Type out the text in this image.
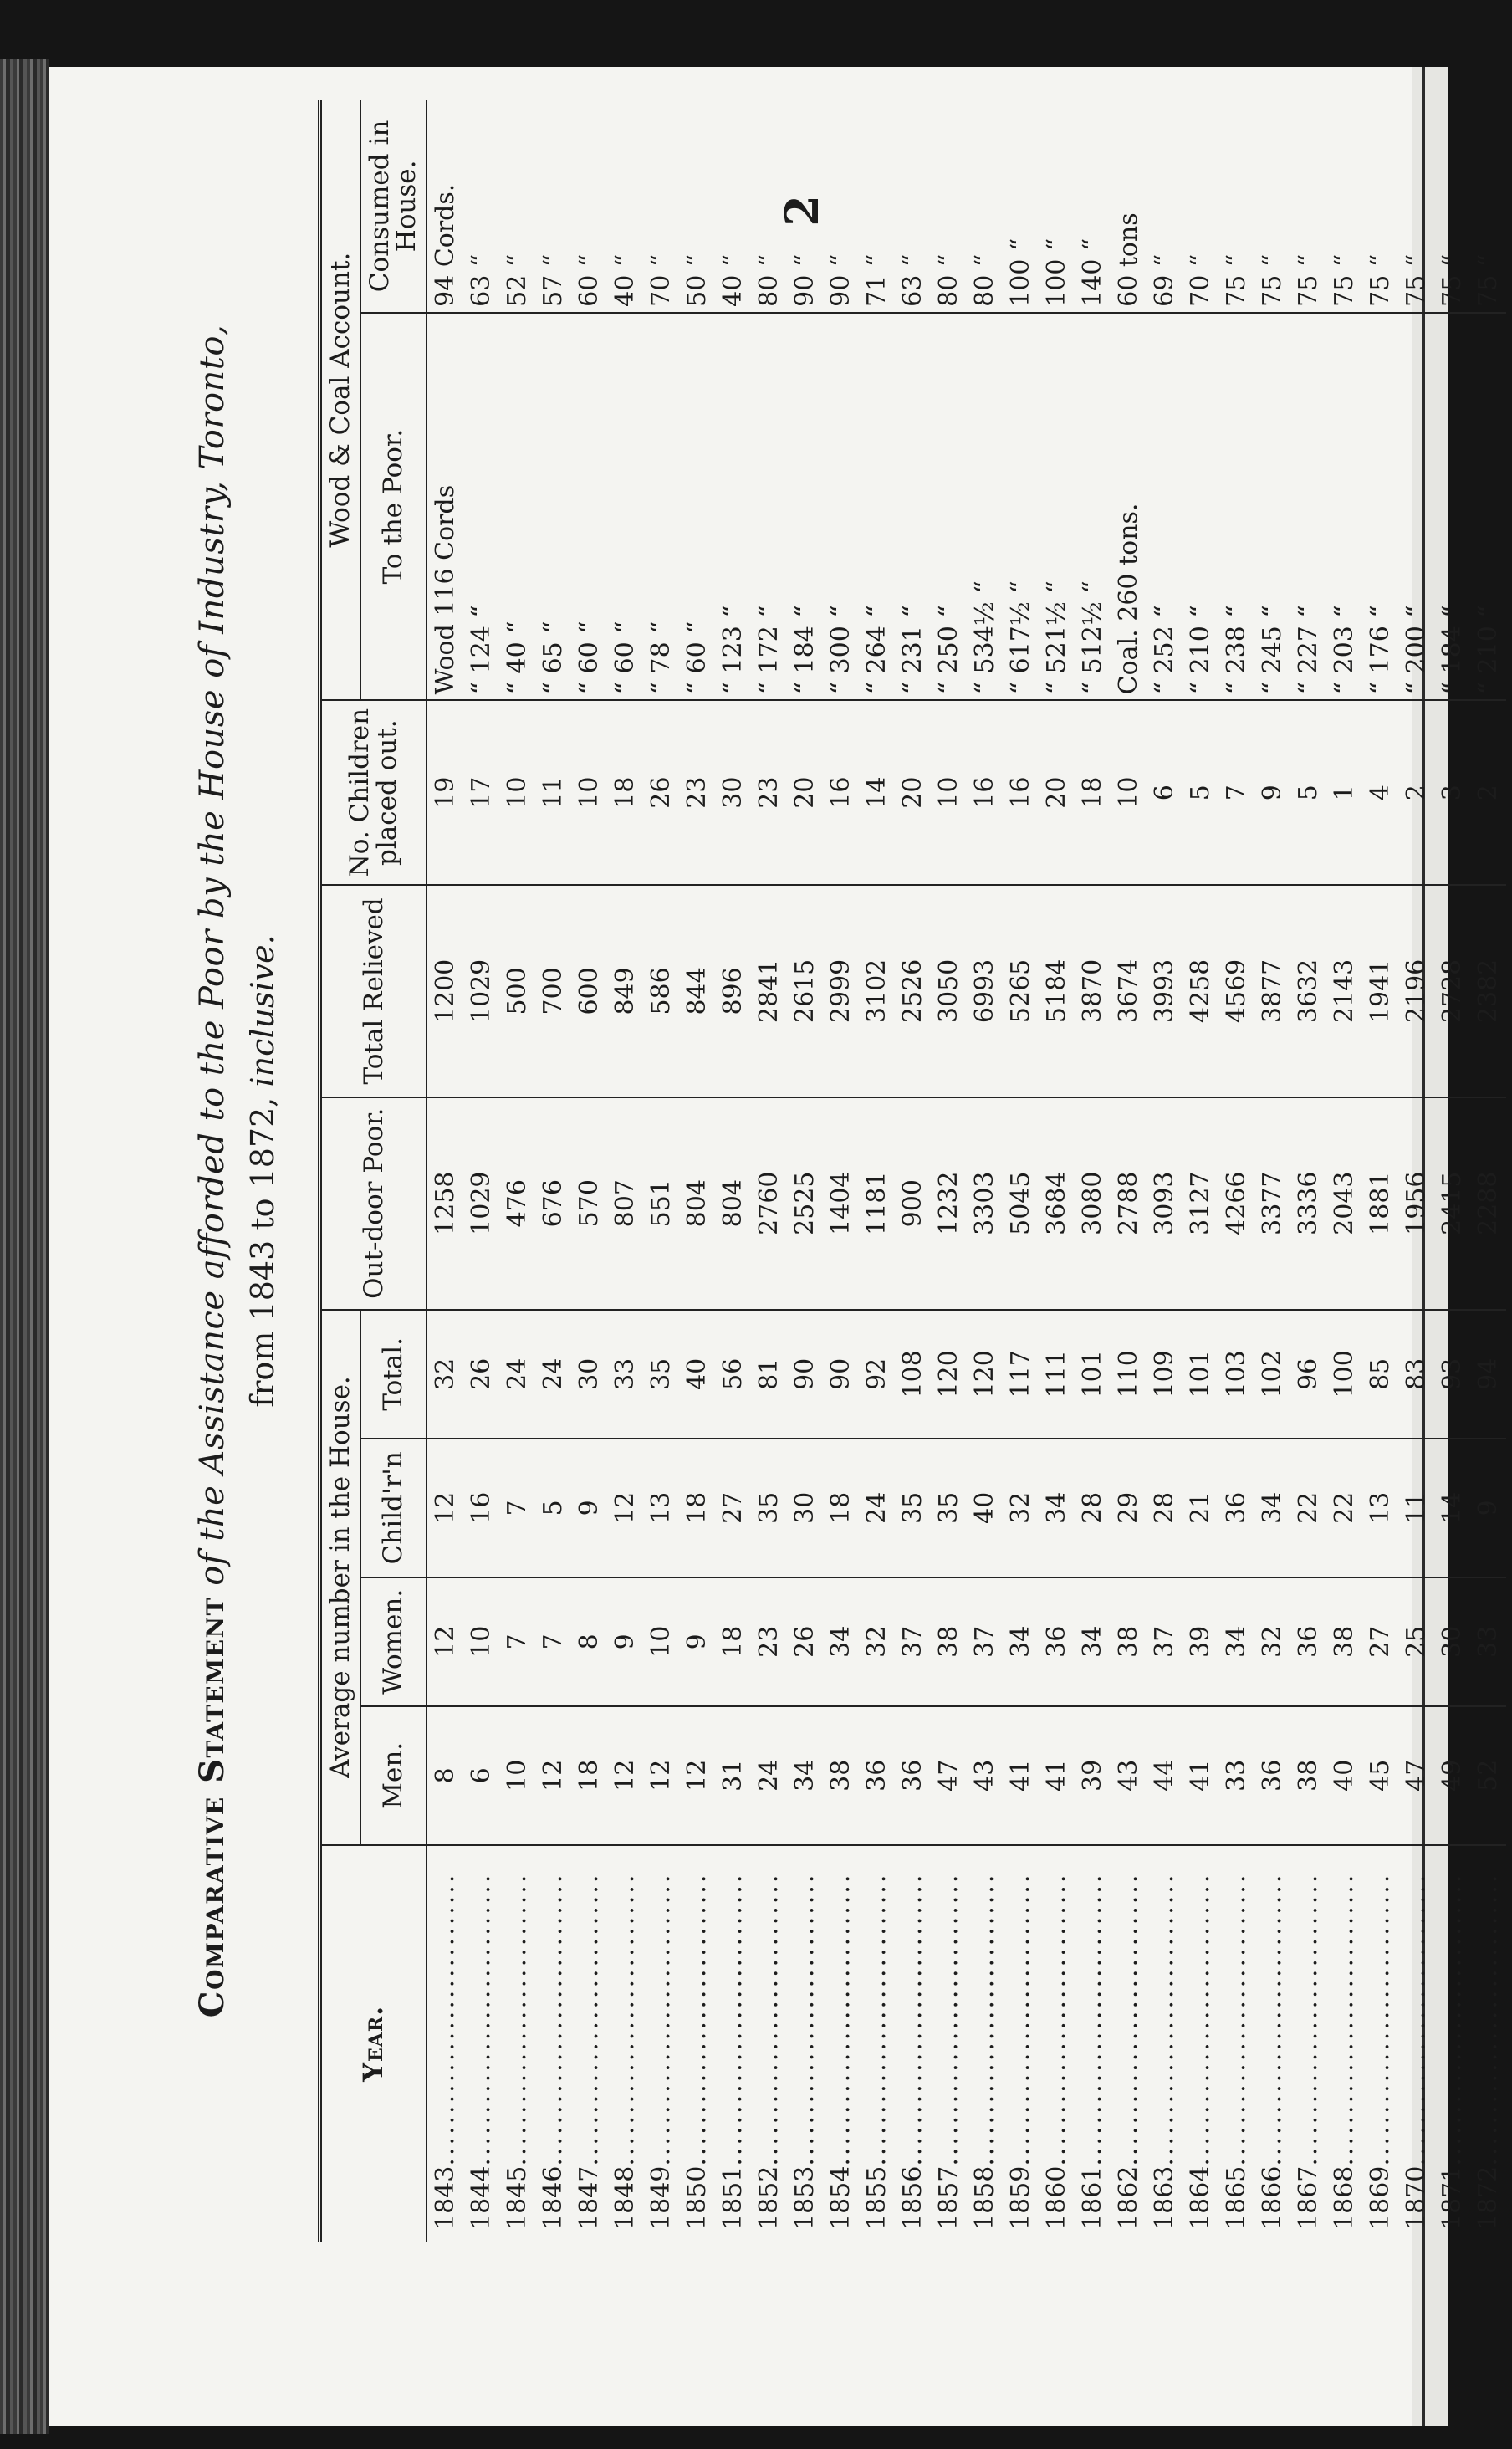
2
Comparative Statement of the Assistance afforded to the Poor by the House of Industry, Toronto, from 1843 to 1872, inclusive.
Year.	Average number in the House.				Out-door Poor.	Total Relieved	No. Children placed out.	Wood & Coal Account.	
	Men.	Women.	Child'r'n	Total.				To the Poor.	Consumed in House.
1843 .....	8	12	12	32	1258	1200	19	Wood 116 Cords	94 Cords.
1844 .....	6	10	16	26	1029	1029	17	“ 124 “	63 “
1845 .....	10	7	7	24	476	500	10	“ 40 “	52 “
1846 .....	12	7	5	24	676	700	11	“ 65 “	57 “
1847 .....	18	8	9	30	570	600	10	“ 60 “	60 “
1848 .....	12	9	12	33	807	849	18	“ 60 “	40 “
1849 .....	12	10	13	35	551	586	26	“ 78 “	70 “
1850 .....	12	9	18	40	804	844	23	“ 60 “	50 “
1851 .....	31	18	27	56	804	896	30	“ 123 “	40 “
1852 .....	24	23	35	81	2760	2841	23	“ 172 “	80 “
1853 .....	34	26	30	90	2525	2615	20	“ 184 “	90 “
1854 .....	38	34	18	90	1404	2999	16	“ 300 “	90 “
1855 .....	36	32	24	92	1181	3102	14	“ 264 “	71 “
1856 .....	36	37	35	108	900	2526	20	“ 231 “	63 “
1857 .....	47	38	35	120	1232	3050	10	“ 250 “	80 “
1858 .....	43	37	40	120	3303	6993	16	“ 534½ “	80 “
1859 .....	41	34	32	117	5045	5265	16	“ 617½ “	100 “
1860 .....	41	36	34	111	3684	5184	20	“ 521½ “	100 “
1861 .....	39	34	28	101	3080	3870	18	“ 512½ “	140 “
1862 .....	43	38	29	110	2788	3674	10	Coal. 260 tons.	60 tons
1863 .....	44	37	28	109	3093	3993	6	“ 252 “	69 “
1864 .....	41	39	21	101	3127	4258	5	“ 210 “	70 “
1865 .....	33	34	36	103	4266	4569	7	“ 238 “	75 “
1866 .....	36	32	34	102	3377	3877	9	“ 245 “	75 “
1867 .....	38	36	22	96	3336	3632	5	“ 227 “	75 “
1868 .....	40	38	22	100	2043	2143	1	“ 203 “	75 “
1869 .....	45	27	13	85	1881	1941	4	“ 176 “	75 “
1870 .....	47	25	11	83	1956	2196	2	“ 200 “	75 “
1871 .....	49	30	14	93	2415	2728	3	“ 184 “	75 “
1872 .....	52	33	9	94	2288	2382	2	“ 210 “	75 “
